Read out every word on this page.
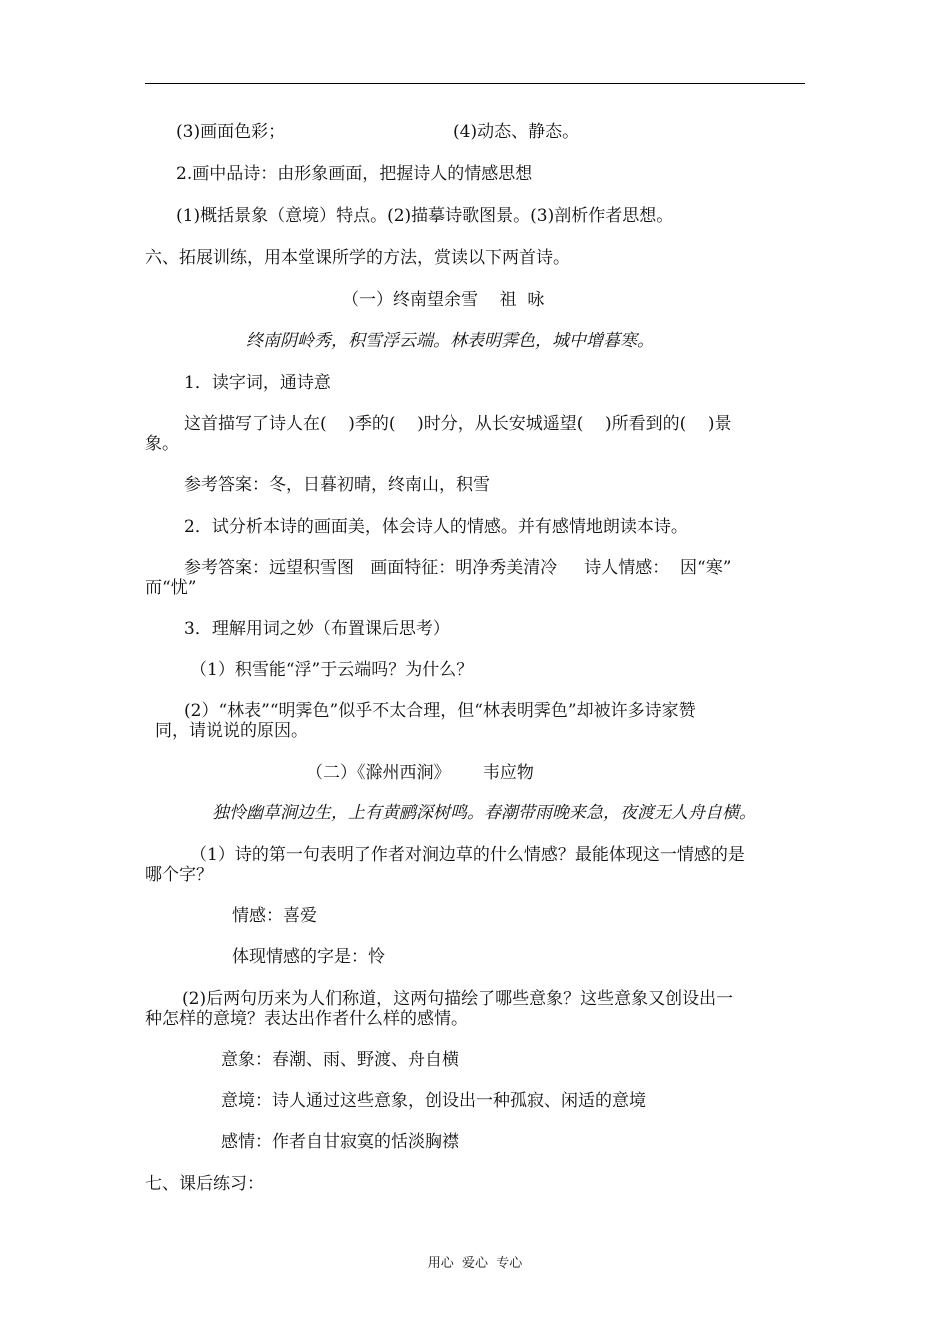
(3)画面色彩；	(4)动态、静态。
2.画中品诗：由形象画面，把握诗人的情感思想
(1)概括景象（意境）特点。(2)描摹诗歌图景。(3)剖析作者思想。
六、拓展训练，用本堂课所学的方法，赏读以下两首诗。
（一）终南望余雪    祖  咏
终南阴岭秀，积雪浮云端。林表明霁色，城中增暮寒。
1．读字词，通诗意
这首描写了诗人在(    )季的(    )时分，从长安城遥望(    )所看到的(    )景
象。
参考答案：冬，日暮初晴，终南山，积雪
2．试分析本诗的画面美，体会诗人的情感。并有感情地朗读本诗。
参考答案：远望积雪图   画面特征：明净秀美清冷     诗人情感：  因“寒”
而“忧”
3．理解用词之妙（布置课后思考）
（1）积雪能“浮”于云端吗？为什么？
(2）“林表”“明霁色”似乎不太合理，但“林表明霁色”却被许多诗家赞
同，请说说的原因。
（二）《滁州西涧》      韦应物
独怜幽草涧边生，上有黄鹂深树鸣。春潮带雨晚来急，夜渡无人舟自横。
（1）诗的第一句表明了作者对涧边草的什么情感？最能体现这一情感的是
哪个字？
情感：喜爱
体现情感的字是：怜
(2)后两句历来为人们称道，这两句描绘了哪些意象？这些意象又创设出一
种怎样的意境？表达出作者什么样的感情。
意象：春潮、雨、野渡、舟自横
意境：诗人通过这些意象，创设出一种孤寂、闲适的意境
感情：作者自甘寂寞的恬淡胸襟
七、课后练习：
用心  爱心  专心
